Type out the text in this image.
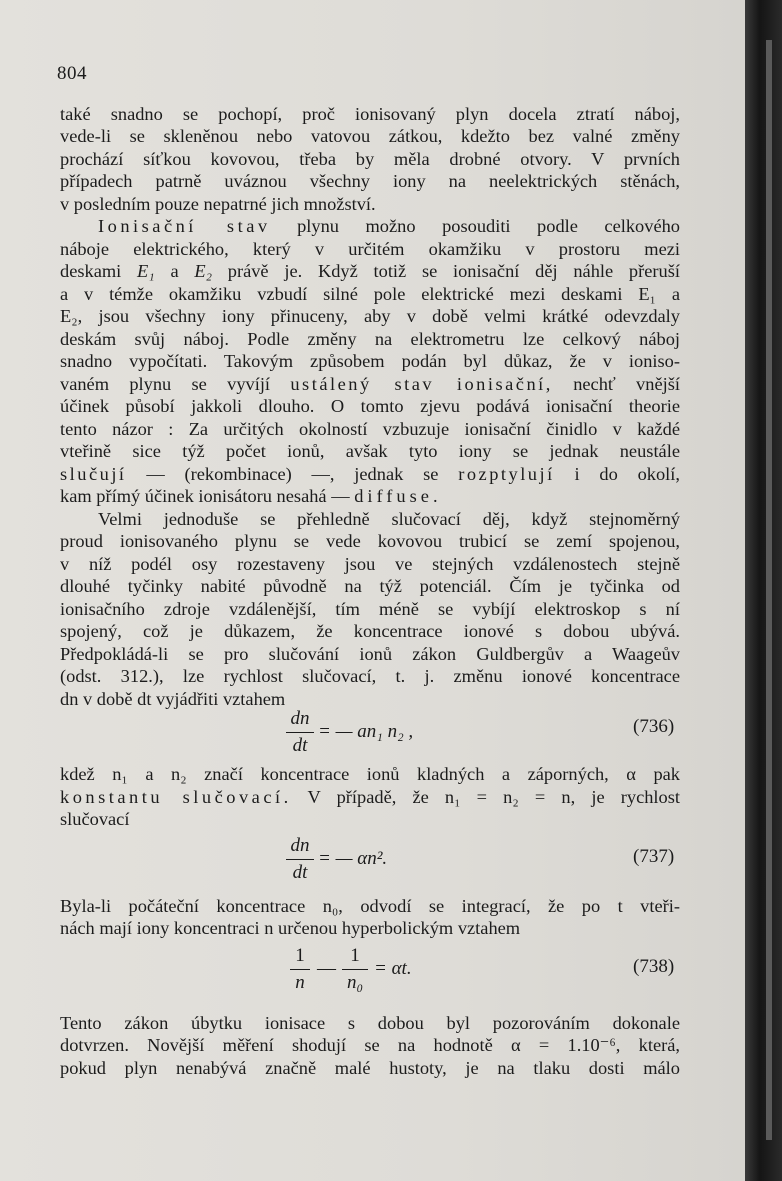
804
také snadno se pochopí, proč ionisovaný plyn docela ztratí náboj,
vede-li se skleněnou nebo vatovou zátkou, kdežto bez valné změny
prochází síťkou kovovou, třeba by měla drobné otvory. V prvních
případech patrně uváznou všechny iony na neelektrických stěnách,
v posledním pouze nepatrné jich množství.
Ionisační stav plynu možno posouditi podle celkového
náboje elektrického, který v určitém okamžiku v prostoru mezi
deskami E₁ a E₂ právě je. Když totiž se ionisační děj náhle přeruší
a v témže okamžiku vzbudí silné pole elektrické mezi deskami E₁ a
E₂, jsou všechny iony přinuceny, aby v době velmi krátké odevzdaly
deskám svůj náboj. Podle změny na elektrometru lze celkový náboj
snadno vypočítati. Takovým způsobem podán byl důkaz, že v ioniso-
vaném plynu se vyvíjí ustálený stav ionisační, nechť vnější
účinek působí jakkoli dlouho. O tomto zjevu podává ionisační theorie
tento názor : Za určitých okolností vzbuzuje ionisační činidlo v každé
vteřině sice týž počet ionů, avšak tyto iony se jednak neustále
slučují — (rekombinace) —, jednak se rozptylují i do okolí,
kam přímý účinek ionisátoru nesahá — diffuse.
Velmi jednoduše se přehledně slučovací děj, když stejnoměrný
proud ionisovaného plynu se vede kovovou trubicí se zemí spojenou,
v níž podél osy rozestaveny jsou ve stejných vzdálenostech stejně
dlouhé tyčinky nabité původně na týž potenciál. Čím je tyčinka od
ionisačního zdroje vzdálenější, tím méně se vybíjí elektroskop s ní
spojený, což je důkazem, že koncentrace ionové s dobou ubývá.
Předpokládá-li se pro slučování ionů zákon Guldbergův a Waageův
(odst. 312.), lze rychlost slučovací, t. j. změnu ionové koncentrace
dn v době dt vyjádřiti vztahem
dn
dt
= — an₁ n₂ ,	(736)
kdež n₁ a n₂ značí koncentrace ionů kladných a záporných, α pak
konstantu slučovací. V případě, že n₁ = n₂ = n, je rychlost
slučovací
dn
dt
= — αn².	(737)
Byla-li počáteční koncentrace n₀, odvodí se integrací, že po t vteři-
nách mají iony koncentraci n určenou hyperbolickým vztahem
1
n
—
1
n₀
= αt.	(738)
Tento zákon úbytku ionisace s dobou byl pozorováním dokonale
dotvrzen. Novější měření shodují se na hodnotě α = 1.10⁻⁶, která,
pokud plyn nenabývá značně malé hustoty, je na tlaku dosti málo
